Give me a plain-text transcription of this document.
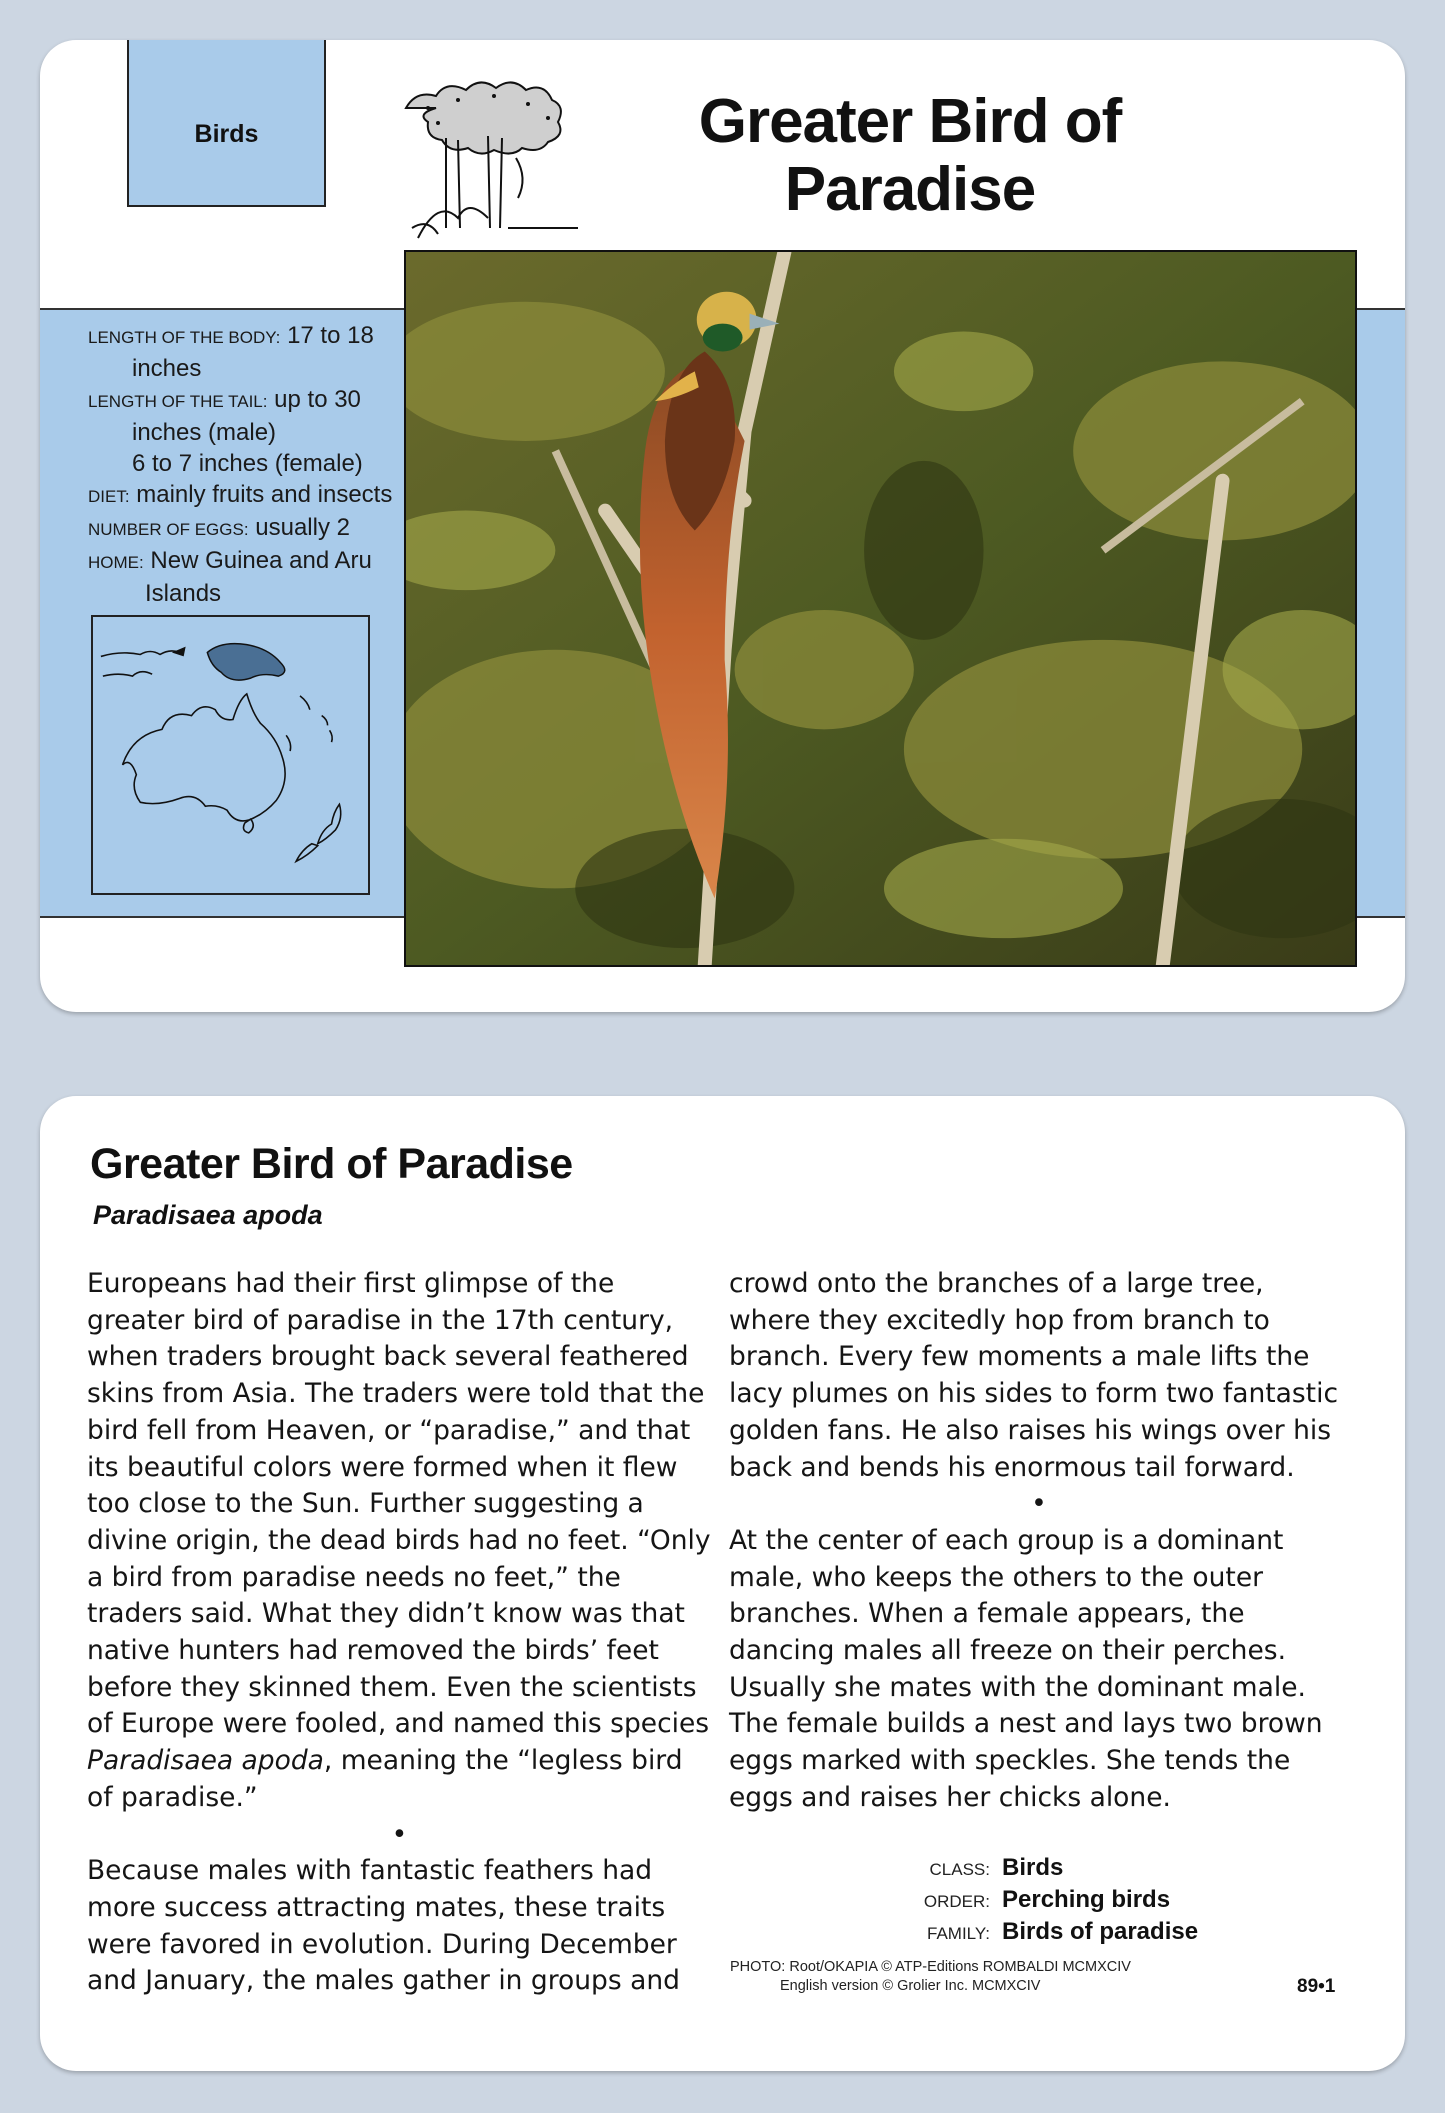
Birds	Greater Bird of
Paradise
LENGTH OF THE BODY: 17 to 18
inches
LENGTH OF THE TAIL: up to 30
inches (male)
6 to 7 inches (female)
DIET: mainly fruits and insects
NUMBER OF EGGS: usually 2
HOME: New Guinea and Aru
Islands
Greater Bird of Paradise
Paradisaea apoda

Europeans had their first glimpse of the greater bird of paradise in the 17th century, when traders brought back several feathered skins from Asia. The traders were told that the bird fell from Heaven, or “paradise,” and that its beautiful colors were formed when it flew too close to the Sun. Further suggesting a divine origin, the dead birds had no feet. “Only a bird from paradise needs no feet,” the traders said. What they didn’t know was that native hunters had removed the birds’ feet before they skinned them. Even the scientists of Europe were fooled, and named this species Paradisaea apoda, meaning the “legless bird of paradise.”

•

Because males with fantastic feathers had more success attracting mates, these traits were favored in evolution. During December and January, the males gather in groups and

crowd onto the branches of a large tree, where they excitedly hop from branch to branch. Every few moments a male lifts the lacy plumes on his sides to form two fantastic golden fans. He also raises his wings over his back and bends his enormous tail forward.

•

At the center of each group is a dominant male, who keeps the others to the outer branches. When a female appears, the dancing males all freeze on their perches. Usually she mates with the dominant male. The female builds a nest and lays two brown eggs marked with speckles. She tends the eggs and raises her chicks alone.

CLASS: Birds
ORDER: Perching birds
FAMILY: Birds of paradise
PHOTO: Root/OKAPIA © ATP-Editions ROMBALDI MCMXCIV
English version © Grolier Inc. MCMXCIV	89•1
